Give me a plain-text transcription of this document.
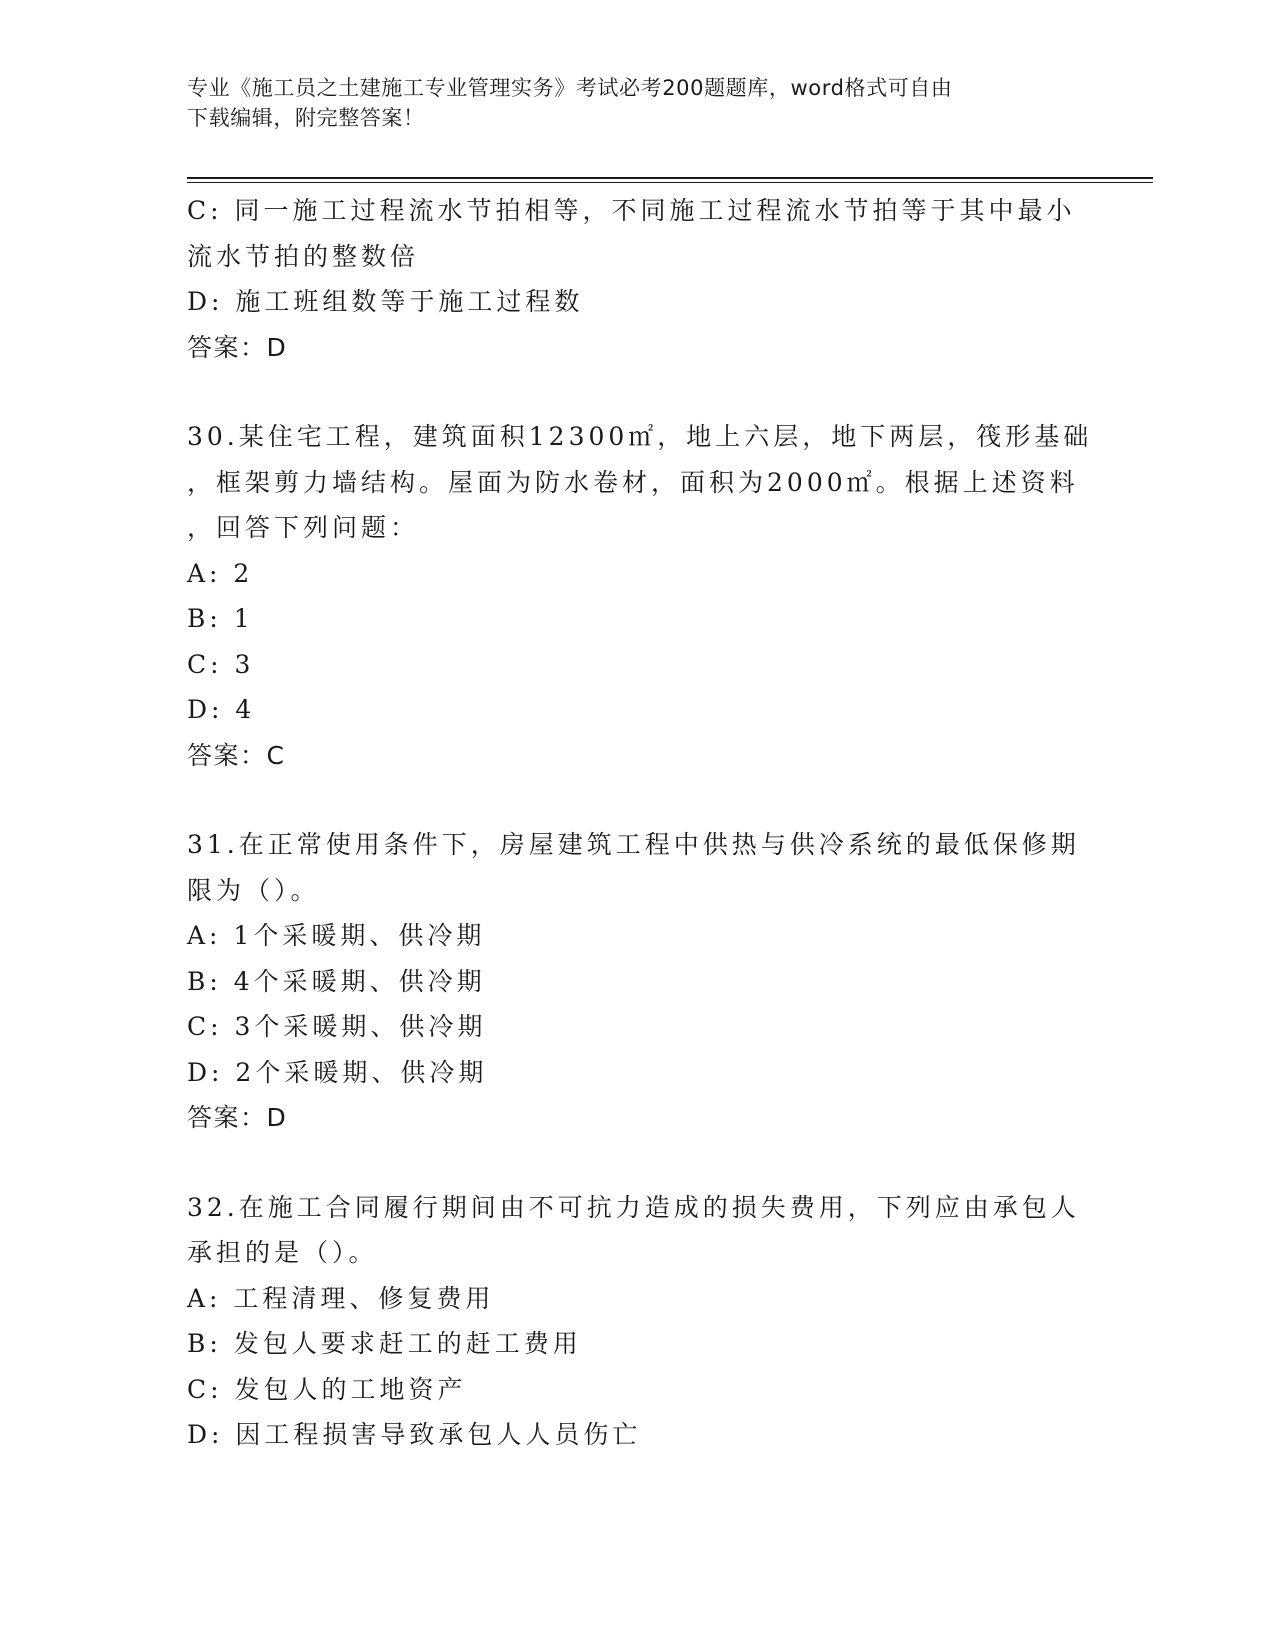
专业《施工员之土建施工专业管理实务》考试必考200题题库，word格式可自由
下载编辑，附完整答案！
C: 同一施工过程流水节拍相等，不同施工过程流水节拍等于其中最小
流水节拍的整数倍
D: 施工班组数等于施工过程数
答案：D
30.某住宅工程，建筑面积12300㎡，地上六层，地下两层，筏形基础
，框架剪力墙结构。屋面为防水卷材，面积为2000㎡。根据上述资料
，回答下列问题：
A: 2
B: 1
C: 3
D: 4
答案：C
31.在正常使用条件下，房屋建筑工程中供热与供冷系统的最低保修期
限为（）。
A: 1个采暖期、供冷期
B: 4个采暖期、供冷期
C: 3个采暖期、供冷期
D: 2个采暖期、供冷期
答案：D
32.在施工合同履行期间由不可抗力造成的损失费用，下列应由承包人
承担的是（）。
A: 工程清理、修复费用
B: 发包人要求赶工的赶工费用
C: 发包人的工地资产
D: 因工程损害导致承包人人员伤亡
